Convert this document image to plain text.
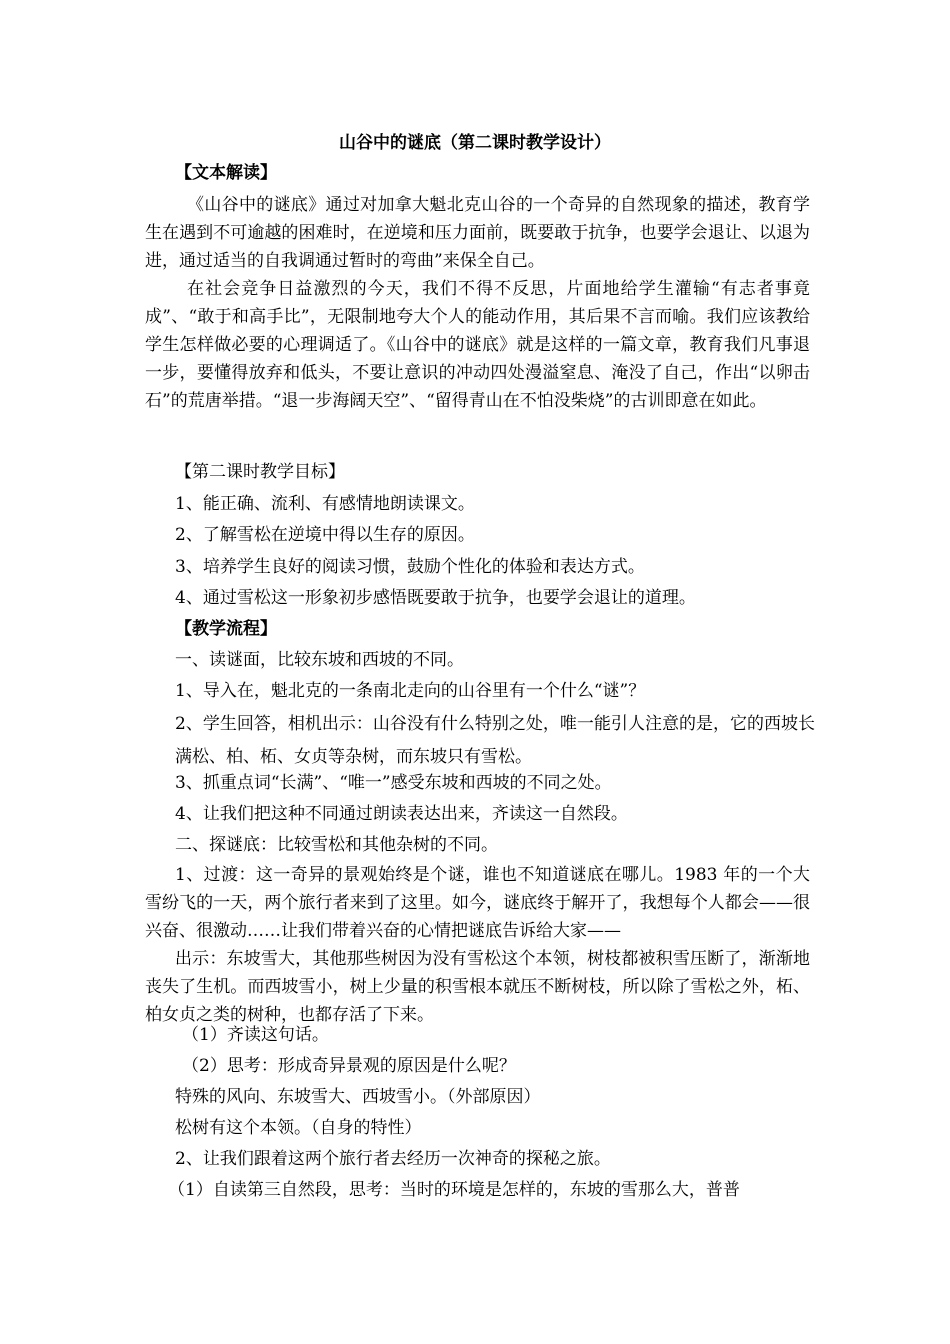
山谷中的谜底（第二课时教学设计）
【文本解读】
《山谷中的谜底》通过对加拿大魁北克山谷的一个奇异的自然现象的描述，教育学生在遇到不可逾越的困难时，在逆境和压力面前，既要敢于抗争，也要学会退让、以退为进，通过适当的自我调通过暂时的弯曲”来保全自己。
在社会竞争日益激烈的今天，我们不得不反思，片面地给学生灌输“有志者事竟成”、“敢于和高手比”，无限制地夸大个人的能动作用，其后果不言而喻。我们应该教给学生怎样做必要的心理调适了。《山谷中的谜底》就是这样的一篇文章，教育我们凡事退一步，要懂得放弃和低头，不要让意识的冲动四处漫溢窒息、淹没了自己，作出“以卵击石”的荒唐举措。“退一步海阔天空”、“留得青山在不怕没柴烧”的古训即意在如此。
【第二课时教学目标】
1、能正确、流利、有感情地朗读课文。
2、了解雪松在逆境中得以生存的原因。
3、培养学生良好的阅读习惯，鼓励个性化的体验和表达方式。
4、通过雪松这一形象初步感悟既要敢于抗争，也要学会退让的道理。
【教学流程】
一、读谜面，比较东坡和西坡的不同。
1、导入在，魁北克的一条南北走向的山谷里有一个什么“谜”？
2、学生回答，相机出示：山谷没有什么特别之处，唯一能引人注意的是，它的西坡长满松、柏、柘、女贞等杂树，而东坡只有雪松。
3、抓重点词“长满”、“唯一”感受东坡和西坡的不同之处。
4、让我们把这种不同通过朗读表达出来，齐读这一自然段。
二、探谜底：比较雪松和其他杂树的不同。
1、过渡：这一奇异的景观始终是个谜，谁也不知道谜底在哪儿。1983 年的一个大雪纷飞的一天，两个旅行者来到了这里。如今，谜底终于解开了，我想每个人都会——很兴奋、很激动……让我们带着兴奋的心情把谜底告诉给大家——
出示：东坡雪大，其他那些树因为没有雪松这个本领，树枝都被积雪压断了，渐渐地丧失了生机。而西坡雪小，树上少量的积雪根本就压不断树枝，所以除了雪松之外，柘、柏女贞之类的树种，也都存活了下来。
（1）齐读这句话。
（2）思考：形成奇异景观的原因是什么呢？
特殊的风向、东坡雪大、西坡雪小。（外部原因）
松树有这个本领。（自身的特性）
2、让我们跟着这两个旅行者去经历一次神奇的探秘之旅。
（1）自读第三自然段，思考：当时的环境是怎样的，东坡的雪那么大，普普
